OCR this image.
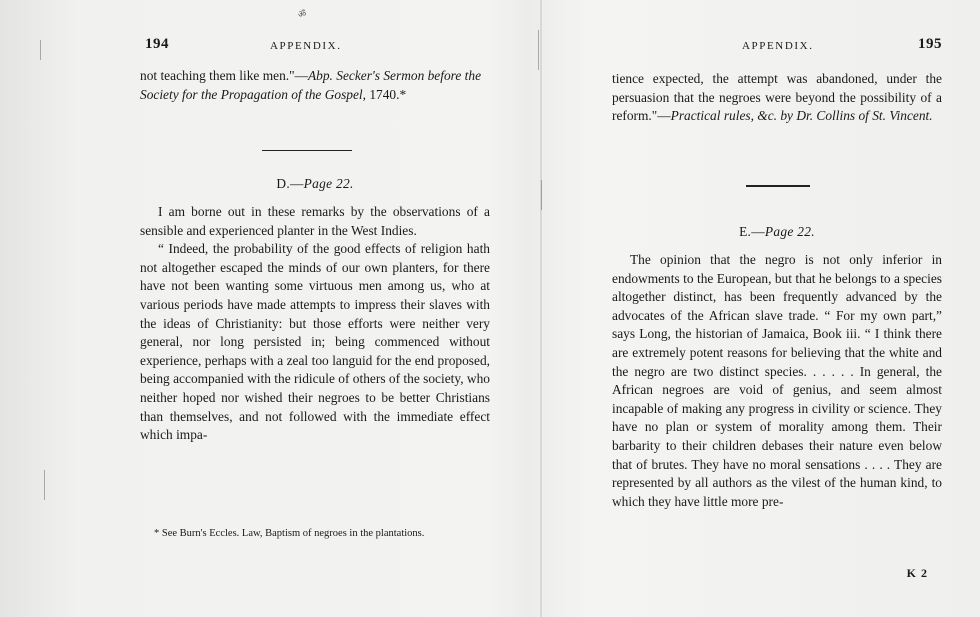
ॐ
194	APPENDIX.

not teaching them like men."—Abp. Secker's Sermon before the Society for the Propagation of the Gospel, 1740.*

D.—Page 22.

I am borne out in these remarks by the observations of a sensible and experienced planter in the West Indies.

“ Indeed, the probability of the good effects of religion hath not altogether escaped the minds of our own planters, for there have not been wanting some virtuous men among us, who at various periods have made attempts to impress their slaves with the ideas of Christianity: but those efforts were neither very general, nor long persisted in; being commenced without experience, perhaps with a zeal too languid for the end proposed, being accompanied with the ridicule of others of the society, who neither hoped nor wished their negroes to be better Christians than themselves, and not followed with the immediate effect which impa-

* See Burn's Eccles. Law, Baptism of negroes in the plantations.

APPENDIX.	195

tience expected, the attempt was abandoned, under the persuasion that the negroes were beyond the possibility of a reform."—Practical rules, &c. by Dr. Collins of St. Vincent.

E.—Page 22.

The opinion that the negro is not only inferior in endowments to the European, but that he belongs to a species altogether distinct, has been frequently advanced by the advocates of the African slave trade. “ For my own part,” says Long, the historian of Jamaica, Book iii. “ I think there are extremely potent reasons for believing that the white and the negro are two distinct species. . . . . . In general, the African negroes are void of genius, and seem almost incapable of making any progress in civility or science. They have no plan or system of morality among them. Their barbarity to their children debases their nature even below that of brutes. They have no moral sensations . . . . They are represented by all authors as the vilest of the human kind, to which they have little more pre-

K 2
